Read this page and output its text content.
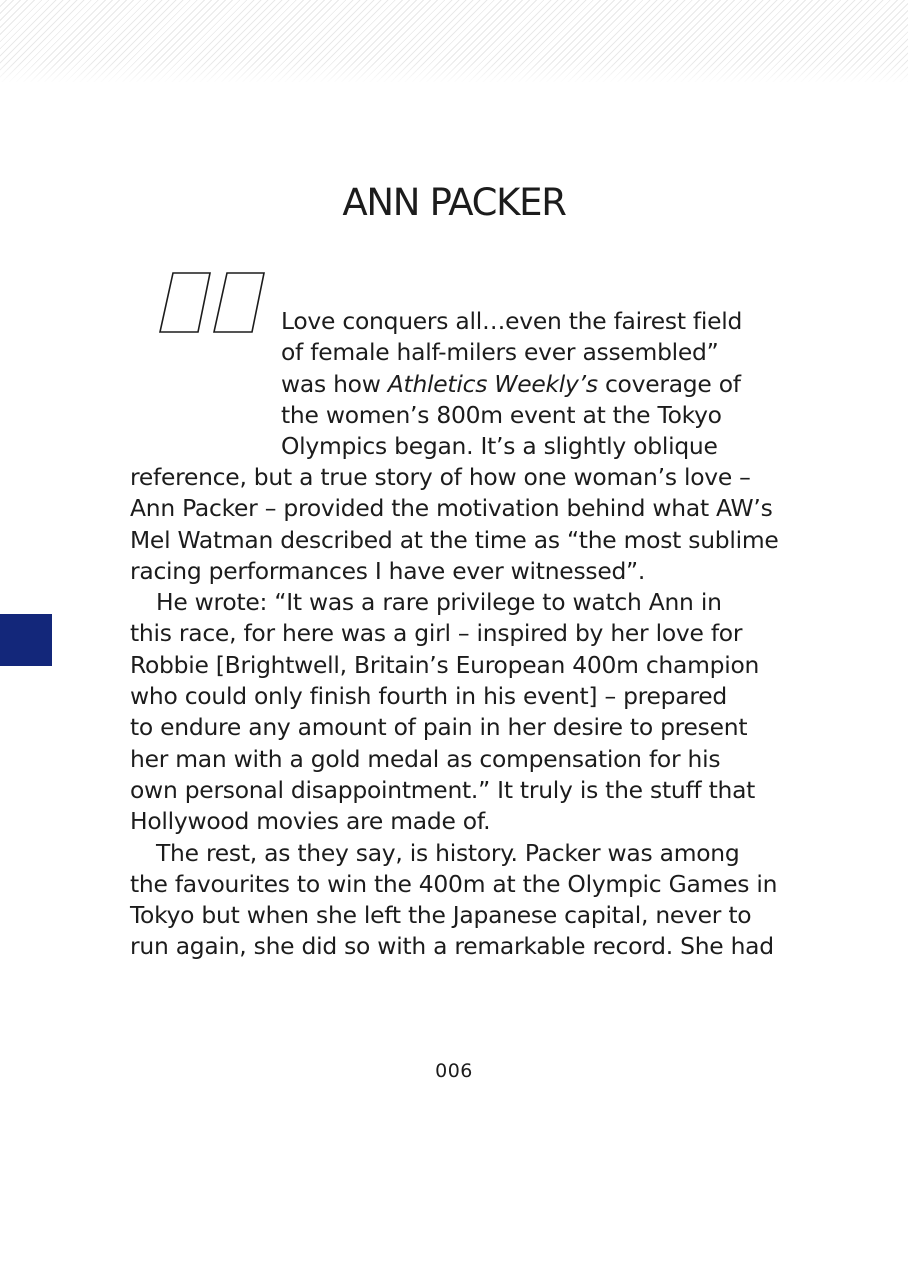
ANN PACKER
Love conquers all…even the fairest field
of female half-milers ever assembled”
was how Athletics Weekly’s coverage of
the women’s 800m event at the Tokyo
Olympics began. It’s a slightly oblique
reference, but a true story of how one woman’s love –
Ann Packer – provided the motivation behind what AW’s
Mel Watman described at the time as “the most sublime
racing performances I have ever witnessed”.
He wrote: “It was a rare privilege to watch Ann in
this race, for here was a girl – inspired by her love for
Robbie [Brightwell, Britain’s European 400m champion
who could only finish fourth in his event] – prepared
to endure any amount of pain in her desire to present
her man with a gold medal as compensation for his
own personal disappointment.” It truly is the stuff that
Hollywood movies are made of.
The rest, as they say, is history. Packer was among
the favourites to win the 400m at the Olympic Games in
Tokyo but when she left the Japanese capital, never to
run again, she did so with a remarkable record. She had
006
